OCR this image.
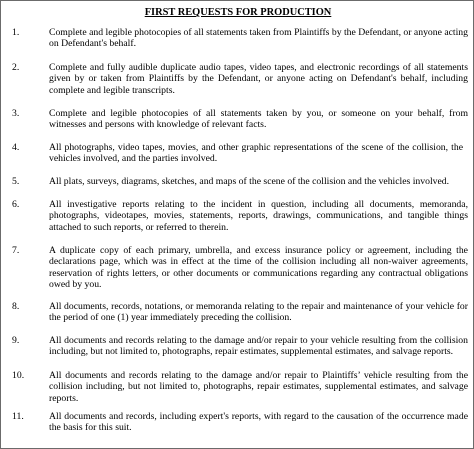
FIRST REQUESTS FOR PRODUCTION
1.	Complete and legible photocopies of all statements taken from Plaintiffs by the Defendant, or anyone acting on Defendant's behalf.
2.	Complete and fully audible duplicate audio tapes, video tapes, and electronic recordings of all statements given by or taken from Plaintiffs by the Defendant, or anyone acting on Defendant's behalf, including complete and legible transcripts.
3.	Complete and legible photocopies of all statements taken by you, or someone on your behalf, from witnesses and persons with knowledge of relevant facts.
4.	All photographs, video tapes, movies, and other graphic representations of the scene of the collision, the vehicles involved, and the parties involved.
5.	All plats, surveys, diagrams, sketches, and maps of the scene of the collision and the vehicles involved.
6.	All investigative reports relating to the incident in question, including all documents, memoranda, photographs, videotapes, movies, statements, reports, drawings, communications, and tangible things attached to such reports, or referred to therein.
7.	A duplicate copy of each primary, umbrella, and excess insurance policy or agreement, including the declarations page, which was in effect at the time of the collision including all non-waiver agreements, reservation of rights letters, or other documents or communications regarding any contractual obligations owed by you.
8.	All documents, records, notations, or memoranda relating to the repair and maintenance of your vehicle for the period of one (1) year immediately preceding the collision.
9.	All documents and records relating to the damage and/or repair to your vehicle resulting from the collision including, but not limited to, photographs, repair estimates, supplemental estimates, and salvage reports.
10.	All documents and records relating to the damage and/or repair to Plaintiffs’ vehicle resulting from the collision including, but not limited to, photographs, repair estimates, supplemental estimates, and salvage reports.
11.	All documents and records, including expert's reports, with regard to the causation of the occurrence made the basis for this suit.
